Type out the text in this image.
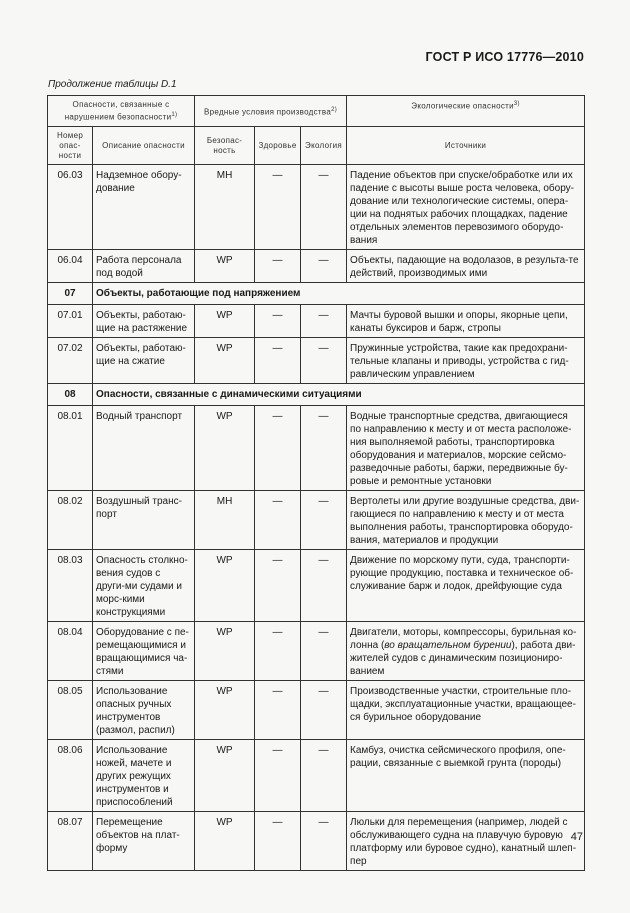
ГОСТ Р ИСО 17776—2010
Продолжение таблицы D.1
Опасности, связанные с нарушением безопасности$^{1)}$		Вредные условия производства$^{2)}$			Экологические опасности$^{3)}$
Номер опас-ности	Описание опасности	Безопас-ность	Здоровье	Экология	Источники
06.03	Надземное обору-дование	MH	—	—	Падение объектов при спуске/обработке или их падение с высоты выше роста человека, обору-дование или технологические системы, опера-ции на поднятых рабочих площадках, падение отдельных элементов перевозимого оборудо-вания
06.04	Работа персонала под водой	WP	—	—	Объекты, падающие на водолазов, в результа-те действий, производимых ими
07	Объекты, работающие под напряжением				
07.01	Объекты, работаю-щие на растяжение	WP	—	—	Мачты буровой вышки и опоры, якорные цепи, канаты буксиров и барж, стропы
07.02	Объекты, работаю-щие на сжатие	WP	—	—	Пружинные устройства, такие как предохрани-тельные клапаны и приводы, устройства с гид-равлическим управлением
08	Опасности, связанные с динамическими ситуациями				
08.01	Водный транспорт	WP	—	—	Водные транспортные средства, двигающиеся по направлению к месту и от места расположе-ния выполняемой работы, транспортировка оборудования и материалов, морские сейсмо-разведочные работы, баржи, передвижные бу-ровые и ремонтные установки
08.02	Воздушный транс-порт	MH	—	—	Вертолеты или другие воздушные средства, дви-гающиеся по направлению к месту и от места выполнения работы, транспортировка оборудо-вания, материалов и продукции
08.03	Опасность столкно-вения судов с други-ми судами и морс-кими конструкциями	WP	—	—	Движение по морскому пути, суда, транспорти-рующие продукцию, поставка и техническое об-служивание барж и лодок, дрейфующие суда
08.04	Оборудование с пе-ремещающимися и вращающимися ча-стями	WP	—	—	Двигатели, моторы, компрессоры, бурильная ко-лонна (во вращательном бурении), работа дви-жителей судов с динамическим позициониро-ванием
08.05	Использование опасных ручных инструментов (размол, распил)	WP	—	—	Производственные участки, строительные пло-щадки, эксплуатационные участки, вращающее-ся бурильное оборудование
08.06	Использование ножей, мачете и других режущих инструментов и приспособлений	WP	—	—	Камбуз, очистка сейсмического профиля, опе-рации, связанные с выемкой грунта (породы)
08.07	Перемещение объектов на плат-форму	WP	—	—	Люльки для перемещения (например, людей с обслуживающего судна на плавучую буровую платформу или буровое судно), канатный шлеп-пер
47
